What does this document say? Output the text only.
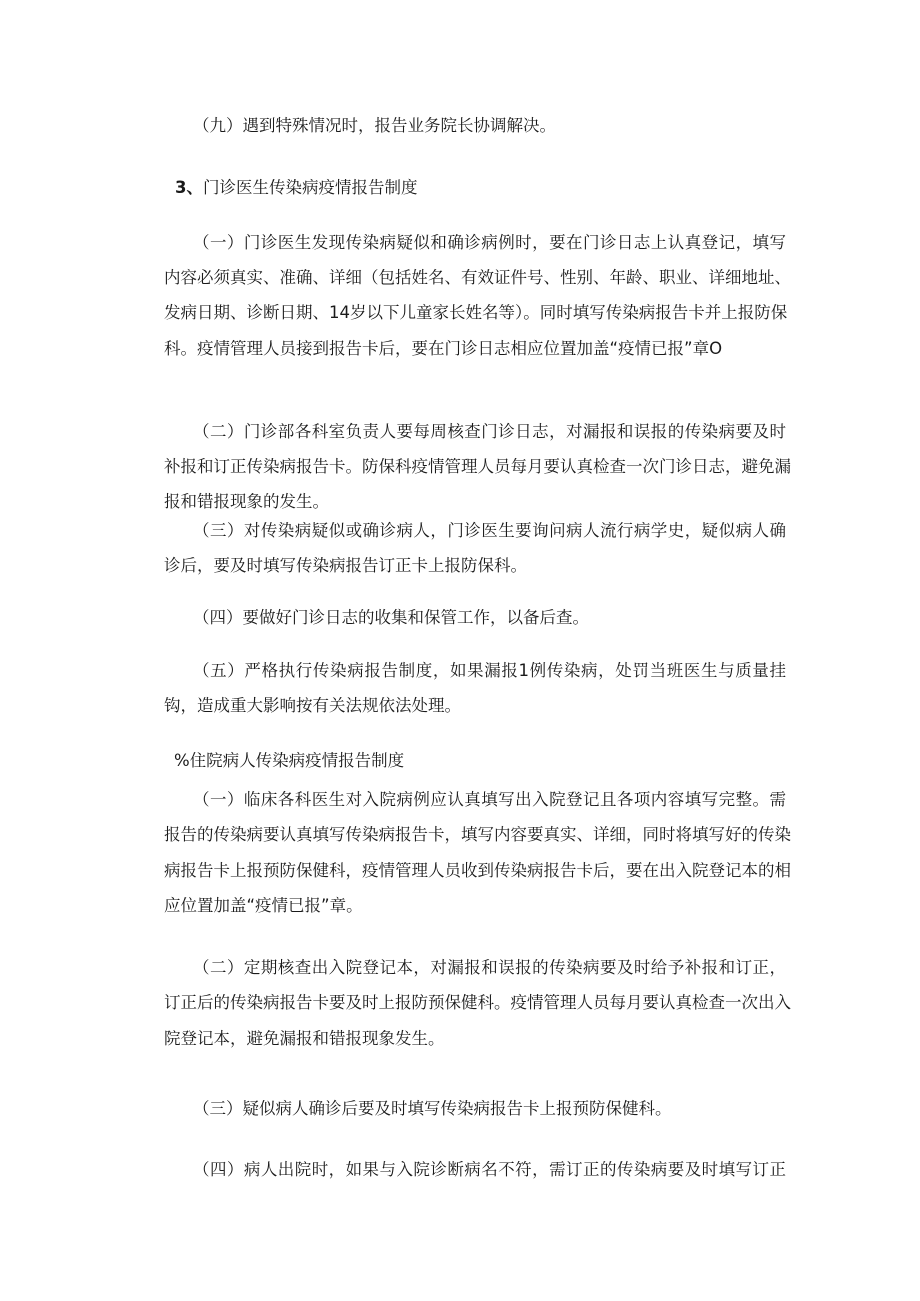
（九）遇到特殊情况时，报告业务院长协调解决。
3、门诊医生传染病疫情报告制度
（一）门诊医生发现传染病疑似和确诊病例时，要在门诊日志上认真登记，填写
内容必须真实、准确、详细（包括姓名、有效证件号、性别、年龄、职业、详细地址、
发病日期、诊断日期、14岁以下儿童家长姓名等）。同时填写传染病报告卡并上报防保
科。疫情管理人员接到报告卡后，要在门诊日志相应位置加盖“疫情已报”章O
（二）门诊部各科室负责人要每周核查门诊日志，对漏报和误报的传染病要及时
补报和订正传染病报告卡。防保科疫情管理人员每月要认真检查一次门诊日志，避免漏
报和错报现象的发生。
（三）对传染病疑似或确诊病人，门诊医生要询问病人流行病学史，疑似病人确
诊后，要及时填写传染病报告订正卡上报防保科。
（四）要做好门诊日志的收集和保管工作，以备后查。
（五）严格执行传染病报告制度，如果漏报1例传染病，处罚当班医生与质量挂
钩，造成重大影响按有关法规依法处理。
%住院病人传染病疫情报告制度
（一）临床各科医生对入院病例应认真填写出入院登记且各项内容填写完整。需
报告的传染病要认真填写传染病报告卡，填写内容要真实、详细，同时将填写好的传染
病报告卡上报预防保健科，疫情管理人员收到传染病报告卡后，要在出入院登记本的相
应位置加盖“疫情已报”章。
（二）定期核查出入院登记本，对漏报和误报的传染病要及时给予补报和订正，
订正后的传染病报告卡要及时上报防预保健科。疫情管理人员每月要认真检查一次出入
院登记本，避免漏报和错报现象发生。
（三）疑似病人确诊后要及时填写传染病报告卡上报预防保健科。
（四）病人出院时，如果与入院诊断病名不符，需订正的传染病要及时填写订正
